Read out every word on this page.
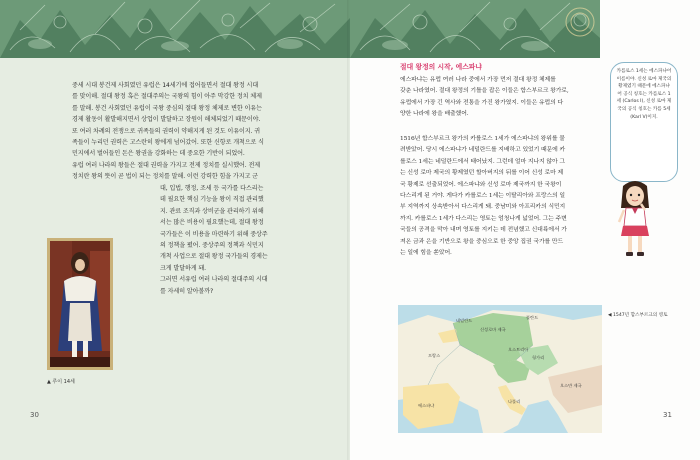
중세 시대 봉건제 사회였던 유럽은 14세기에 접어들면서 절대 왕정 시대

를 맞이해. 절대 왕정 혹은 절대주의는 국왕의 힘이 아주 막강한 정치 체제

를 말해. 봉건 사회였던 유럽이 국왕 중심의 절대 왕정 체제로 변한 이유는

경제 활동이 활발해지면서 상업이 발달하고 장원이 해체되었기 때문이야.

또 여러 차례의 전쟁으로 귀족들의 권력이 약해지게 된 것도 이유이지. 귀

족들이 누리던 권력은 고스란히 왕에게 넘어갔어. 또한 신항로 개척으로 식

민지에서 벌어들인 돈은 왕권을 강화하는 데 중요한 기반이 되었어.

유럽 여러 나라의 왕들은 절대 권력을 가지고 전제 정치를 실시했어. 전제

정치란 왕의 뜻이 곧 법이 되는 정치를 말해. 이런 강력한 힘을 가지고 군

대, 입법, 행정, 조세 등 국가를 다스리는

데 필요한 핵심 기능을 왕이 직접 관리했

지. 관료 조직과 상비군을 관리하기 위해

서는 많은 비용이 필요했는데, 절대 왕정

국가들은 이 비용을 마련하기 위해 중상주

의 정책을 폈어. 중상주의 정책과 식민지

개척 사업으로 절대 왕정 국가들의 경제는

크게 발달하게 돼.

그러면 서유럽 여러 나라의 절대주의 시대

를 자세히 알아볼까?

▲ 루이 14세
30	31
절대 왕정의 시작, 에스파냐

에스파냐는 유럽 여러 나라 중에서 가장 먼저 절대 왕정 체제를

갖춘 나라였어. 절대 왕정의 기틀을 잡은 이들은 합스부르크 왕가로,

유럽에서 가장 긴 역사와 전통을 가진 왕가였지. 이들은 유럽의 다

양한 나라에 왕을 배출했어.

1516년 합스부르크 왕가의 카를로스 1세가 에스파냐의 왕위를 물

려받았어. 당시 에스파냐가 네덜란드를 지배하고 있었기 때문에 카

를로스 1세는 네덜란드에서 태어났지. 그런데 얼마 지나지 않아 그

는 신성 로마 제국의 황제였던 할아버지의 뒤를 이어 신성 로마 제

국 황제로 선출되었어. 에스파냐와 신성 로마 제국까지 한 국왕이

다스리게 된 거야. 게다가 카를로스 1세는 이탈리아와 프랑스의 일

부 지역까지 상속받아서 다스리게 돼. 중남미와 아프리카의 식민지

까지. 카를로스 1세가 다스리는 영토는 엄청나게 넓었어. 그는 주변

국들의 공격을 막아 내며 영토를 지키는 데 전념했고 신대륙에서 가

져온 금과 은을 기반으로 왕을 중심으로 한 중앙 집권 국가를 만드

는 일에 힘을 쏟았어.

카를로스 1세는 에스파냐어 이름이야. 신성 로마 제국의 황제였기 때문에 에스파냐어 공식 칭호는 카를로스 1세 (Carlos I), 신성 로마 제국의 공식 칭호는 카를 5세(Karl V)이지.
네덜란드
신성로마 제국
폴란드
오스트리아
헝가리
프랑스
에스파냐
나폴리
오스만 제국
◀ 1547년 합스부르크의 영토
